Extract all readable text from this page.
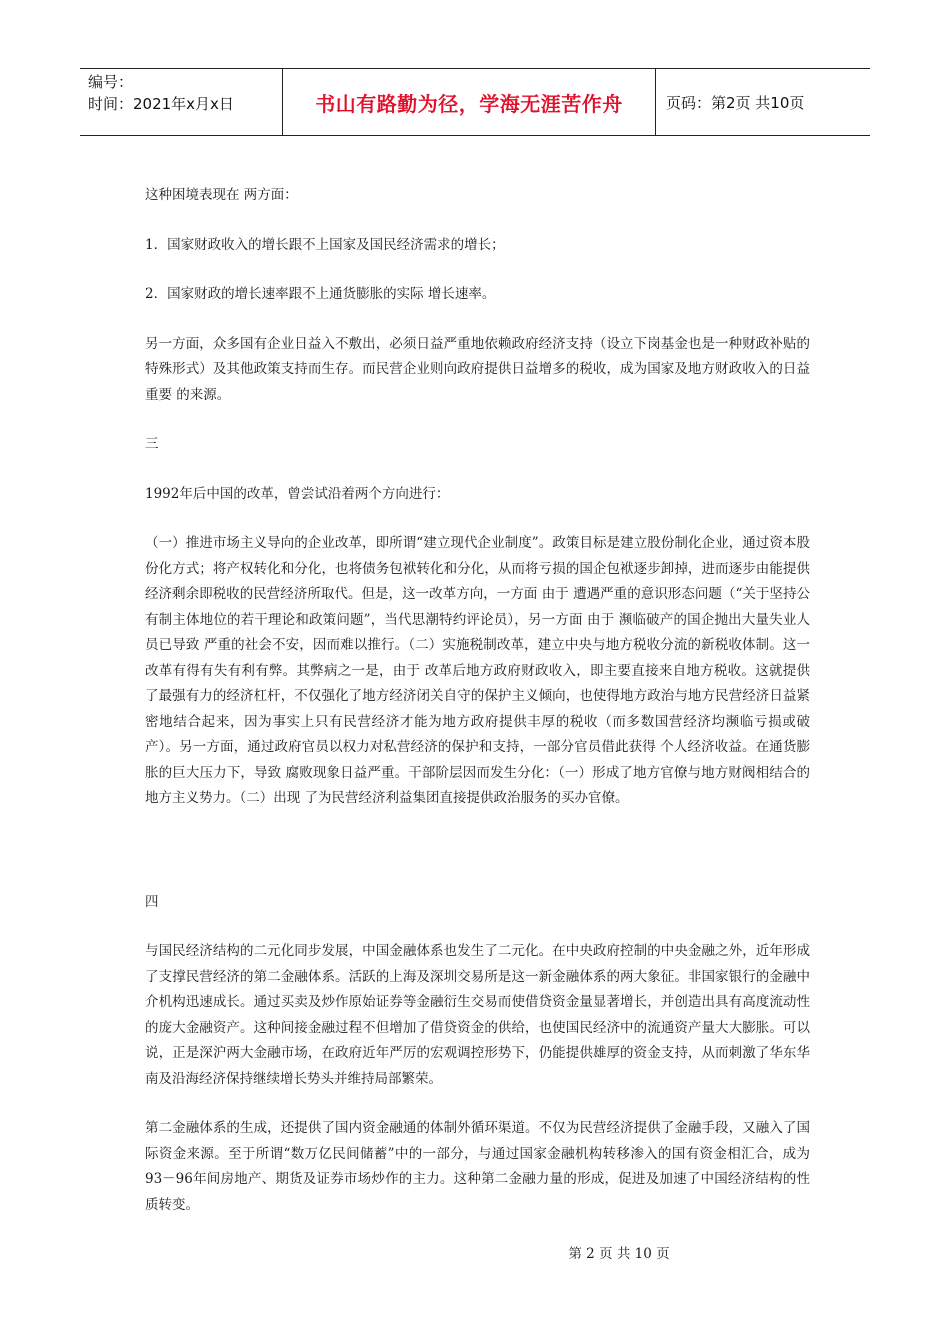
编号：
时间：2021年x月x日	书山有路勤为径，学海无涯苦作舟	页码：第2页 共10页

这种困境表现在 两方面：

1．国家财政收入的增长跟不上国家及国民经济需求的增长；

2．国家财政的增长速率跟不上通货膨胀的实际 增长速率。

另一方面，众多国有企业日益入不敷出，必须日益严重地依赖政府经济支持（设立下岗基金也是一种财政补贴的特殊形式）及其他政策支持而生存。而民营企业则向政府提供日益增多的税收，成为国家及地方财政收入的日益重要 的来源。

三

1992年后中国的改革，曾尝试沿着两个方向进行：

（一）推进市场主义导向的企业改革，即所谓“建立现代企业制度”。政策目标是建立股份制化企业，通过资本股份化方式；将产权转化和分化，也将债务包袱转化和分化，从而将亏损的国企包袱逐步卸掉，进而逐步由能提供经济剩余即税收的民营经济所取代。但是，这一改革方向，一方面 由于 遭遇严重的意识形态问题（“关于坚持公有制主体地位的若干理论和政策问题”，当代思潮特约评论员），另一方面 由于 濒临破产的国企抛出大量失业人员已导致 严重的社会不安，因而难以推行。（二）实施税制改革，建立中央与地方税收分流的新税收体制。这一改革有得有失有利有弊。其弊病之一是，由于 改革后地方政府财政收入，即主要直接来自地方税收。这就提供了最强有力的经济杠杆，不仅强化了地方经济闭关自守的保护主义倾向，也使得地方政治与地方民营经济日益紧密地结合起来，因为事实上只有民营经济才能为地方政府提供丰厚的税收（而多数国营经济均濒临亏损或破产）。另一方面，通过政府官员以权力对私营经济的保护和支持，一部分官员借此获得 个人经济收益。在通货膨胀的巨大压力下，导致 腐败现象日益严重。干部阶层因而发生分化：（一）形成了地方官僚与地方财阀相结合的地方主义势力。（二）出现 了为民营经济利益集团直接提供政治服务的买办官僚。

四

与国民经济结构的二元化同步发展，中国金融体系也发生了二元化。在中央政府控制的中央金融之外，近年形成了支撑民营经济的第二金融体系。活跃的上海及深圳交易所是这一新金融体系的两大象征。非国家银行的金融中介机构迅速成长。通过买卖及炒作原始证券等金融衍生交易而使借贷资金量显著增长，并创造出具有高度流动性的庞大金融资产。这种间接金融过程不但增加了借贷资金的供给，也使国民经济中的流通资产量大大膨胀。可以 说，正是深沪两大金融市场，在政府近年严厉的宏观调控形势下，仍能提供雄厚的资金支持，从而刺激了华东华南及沿海经济保持继续增长势头并维持局部繁荣。

第二金融体系的生成，还提供了国内资金融通的体制外循环渠道。不仅为民营经济提供了金融手段，又融入了国际资金来源。至于所谓“数万亿民间储蓄”中的一部分，与通过国家金融机构转移渗入的国有资金相汇合，成为93－96年间房地产、期货及证券市场炒作的主力。这种第二金融力量的形成，促进及加速了中国经济结构的性质转变。

第 2 页 共 10 页
